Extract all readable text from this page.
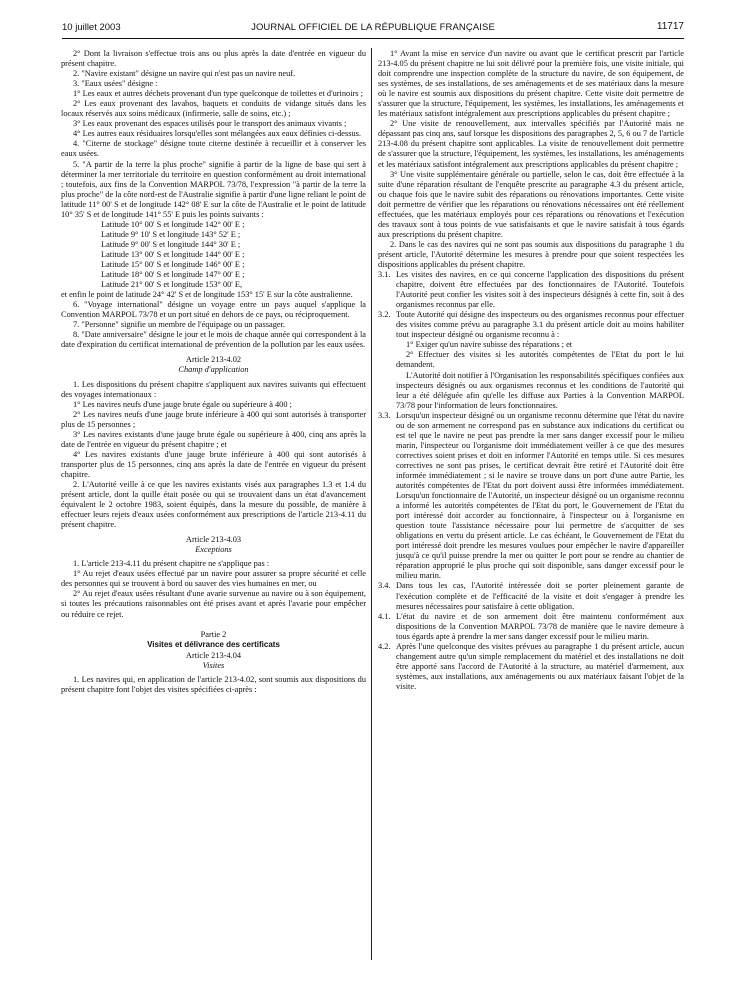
10 juillet 2003	JOURNAL OFFICIEL DE LA RÉPUBLIQUE FRANÇAISE	11717

2° Dont la livraison s'effectue trois ans ou plus après la date d'entrée en vigueur du présent chapitre.

2. "Navire existant" désigne un navire qui n'est pas un navire neuf.

3. "Eaux usées" désigne :

1° Les eaux et autres déchets provenant d'un type quelconque de toilettes et d'urinoirs ;

2° Les eaux provenant des lavabos, baquets et conduits de vidange situés dans les locaux réservés aux soins médicaux (infirmerie, salle de soins, etc.) ;

3° Les eaux provenant des espaces utilisés pour le transport des animaux vivants ;

4° Les autres eaux résiduaires lorsqu'elles sont mélangées aux eaux définies ci-dessus.

4. "Citerne de stockage" désigne toute citerne destinée à recueillir et à conserver les eaux usées.

5. "A partir de la terre la plus proche" signifie à partir de la ligne de base qui sert à déterminer la mer territoriale du territoire en question conformément au droit international ; toutefois, aux fins de la Convention MARPOL 73/78, l'expression "à partir de la terre la plus proche" de la côte nord-est de l'Australie signifie à partir d'une ligne reliant le point de latitude 11° 00' S et de longitude 142° 08' E sur la côte de l'Australie et le point de latitude 10° 35' S et de longitude 141° 55' E puis les points suivants :

Latitude 10° 00' S et longitude 142° 00' E ;

Latitude 9° 10' S et longitude 143° 52' E ;

Latitude 9° 00' S et longitude 144° 30' E ;

Latitude 13° 00' S et longitude 144° 00' E ;

Latitude 15° 00' S et longitude 146° 00' E ;

Latitude 18° 00' S et longitude 147° 00' E ;

Latitude 21° 00' S et longitude 153° 00' E,

et enfin le point de latitude 24° 42' S et de longitude 153° 15' E sur la côte australienne.

6. "Voyage international" désigne un voyage entre un pays auquel s'applique la Convention MARPOL 73/78 et un port situé en dehors de ce pays, ou réciproquement.

7. "Personne" signifie un membre de l'équipage ou un passager.

8. "Date anniversaire" désigne le jour et le mois de chaque année qui correspondent à la date d'expiration du certificat international de prévention de la pollution par les eaux usées.

Article 213-4.02

Champ d'application

1. Les dispositions du présent chapitre s'appliquent aux navires suivants qui effectuent des voyages internationaux :

1° Les navires neufs d'une jauge brute égale ou supérieure à 400 ;

2° Les navires neufs d'une jauge brute inférieure à 400 qui sont autorisés à transporter plus de 15 personnes ;

3° Les navires existants d'une jauge brute égale ou supérieure à 400, cinq ans après la date de l'entrée en vigueur du présent chapitre ; et

4° Les navires existants d'une jauge brute inférieure à 400 qui sont autorisés à transporter plus de 15 personnes, cinq ans après la date de l'entrée en vigueur du présent chapitre.

2. L'Autorité veille à ce que les navires existants visés aux paragraphes 1.3 et 1.4 du présent article, dont la quille était posée ou qui se trouvaient dans un état d'avancement équivalent le 2 octobre 1983, soient équipés, dans la mesure du possible, de manière à effectuer leurs rejets d'eaux usées conformément aux prescriptions de l'article 213-4.11 du présent chapitre.

Article 213-4.03

Exceptions

1. L'article 213-4.11 du présent chapitre ne s'applique pas :

1° Au rejet d'eaux usées effectué par un navire pour assurer sa propre sécurité et celle des personnes qui se trouvent à bord ou sauver des vies humaines en mer, ou

2° Au rejet d'eaux usées résultant d'une avarie survenue au navire ou à son équipement, si toutes les précautions raisonnables ont été prises avant et après l'avarie pour empêcher ou réduire ce rejet.

Partie 2

Visites et délivrance des certificats

Article 213-4.04

Visites

1. Les navires qui, en application de l'article 213-4.02, sont soumis aux dispositions du présent chapitre font l'objet des visites spécifiées ci-après :

1° Avant la mise en service d'un navire ou avant que le certificat prescrit par l'article 213-4.05 du présent chapitre ne lui soit délivré pour la première fois, une visite initiale, qui doit comprendre une inspection complète de la structure du navire, de son équipement, de ses systèmes, de ses installations, de ses aménagements et de ses matériaux dans la mesure où le navire est soumis aux dispositions du présent chapitre. Cette visite doit permettre de s'assurer que la structure, l'équipement, les systèmes, les installations, les aménagements et les matériaux satisfont intégralement aux prescriptions applicables du présent chapitre ;

2° Une visite de renouvellement, aux intervalles spécifiés par l'Autorité mais ne dépassant pas cinq ans, sauf lorsque les dispositions des paragraphes 2, 5, 6 ou 7 de l'article 213-4.08 du présent chapitre sont applicables. La visite de renouvellement doit permettre de s'assurer que la structure, l'équipement, les systèmes, les installations, les aménagements et les matériaux satisfont intégralement aux prescriptions applicables du présent chapitre ;

3° Une visite supplémentaire générale ou partielle, selon le cas, doit être effectuée à la suite d'une réparation résultant de l'enquête prescrite au paragraphe 4.3 du présent article, ou chaque fois que le navire subit des réparations ou rénovations importantes. Cette visite doit permettre de vérifier que les réparations ou rénovations nécessaires ont été réellement effectuées, que les matériaux employés pour ces réparations ou rénovations et l'exécution des travaux sont à tous points de vue satisfaisants et que le navire satisfait à tous égards aux prescriptions du présent chapitre.

2. Dans le cas des navires qui ne sont pas soumis aux dispositions du paragraphe 1 du présent article, l'Autorité détermine les mesures à prendre pour que soient respectées les dispositions applicables du présent chapitre.

3.1. Les visites des navires, en ce qui concerne l'application des dispositions du présent chapitre, doivent être effectuées par des fonctionnaires de l'Autorité. Toutefois l'Autorité peut confier les visites soit à des inspecteurs désignés à cette fin, soit à des organismes reconnus par elle.
3.2. Toute Autorité qui désigne des inspecteurs ou des organismes reconnus pour effectuer des visites comme prévu au paragraphe 3.1 du présent article doit au moins habiliter tout inspecteur désigné ou organisme reconnu à :
1° Exiger qu'un navire subisse des réparations ; et
2° Effectuer des visites si les autorités compétentes de l'Etat du port le lui demandent.
L'Autorité doit notifier à l'Organisation les responsabilités spécifiques confiées aux inspecteurs désignés ou aux organismes reconnus et les conditions de l'autorité qui leur a été déléguée afin qu'elle les diffuse aux Parties à la Convention MARPOL 73/78 pour l'information de leurs fonctionnaires.
3.3. Lorsqu'un inspecteur désigné ou un organisme reconnu détermine que l'état du navire ou de son armement ne correspond pas en substance aux indications du certificat ou est tel que le navire ne peut pas prendre la mer sans danger excessif pour le milieu marin, l'inspecteur ou l'organisme doit immédiatement veiller à ce que des mesures correctives soient prises et doit en informer l'Autorité en temps utile. Si ces mesures correctives ne sont pas prises, le certificat devrait être retiré et l'Autorité doit être informée immédiatement ; si le navire se trouve dans un port d'une autre Partie, les autorités compétentes de l'Etat du port doivent aussi être informées immédiatement. Lorsqu'un fonctionnaire de l'Autorité, un inspecteur désigné ou un organisme reconnu a informé les autorités compétentes de l'Etat du port, le Gouvernement de l'Etat du port intéressé doit accorder au fonctionnaire, à l'inspecteur ou à l'organisme en question toute l'assistance nécessaire pour lui permettre de s'acquitter de ses obligations en vertu du présent article. Le cas échéant, le Gouvernement de l'Etat du port intéressé doit prendre les mesures voulues pour empêcher le navire d'appareiller jusqu'à ce qu'il puisse prendre la mer ou quitter le port pour se rendre au chantier de réparation approprié le plus proche qui soit disponible, sans danger excessif pour le milieu marin.
3.4. Dans tous les cas, l'Autorité intéressée doit se porter pleinement garante de l'exécution complète et de l'efficacité de la visite et doit s'engager à prendre les mesures nécessaires pour satisfaire à cette obligation.
4.1. L'état du navire et de son armement doit être maintenu conformément aux dispositions de la Convention MARPOL 73/78 de manière que le navire demeure à tous égards apte à prendre la mer sans danger excessif pour le milieu marin.
4.2. Après l'une quelconque des visites prévues au paragraphe 1 du présent article, aucun changement autre qu'un simple remplacement du matériel et des installations ne doit être apporté sans l'accord de l'Autorité à la structure, au matériel d'armement, aux systèmes, aux installations, aux aménagements ou aux matériaux faisant l'objet de la visite.
